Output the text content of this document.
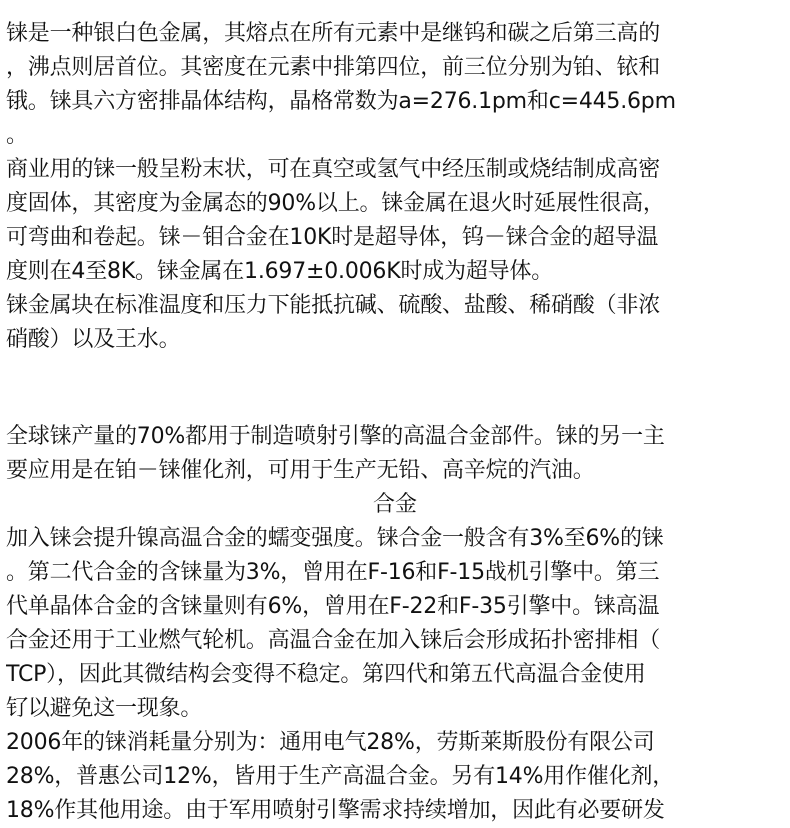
铼是一种银白色金属，其熔点在所有元素中是继钨和碳之后第三高的
，沸点则居首位。其密度在元素中排第四位，前三位分别为铂、铱和
锇。铼具六方密排晶体结构，晶格常数为a=276.1pm和c=445.6pm
。
商业用的铼一般呈粉末状，可在真空或氢气中经压制或烧结制成高密
度固体，其密度为金属态的90%以上。铼金属在退火时延展性很高，
可弯曲和卷起。铼－钼合金在10K时是超导体，钨－铼合金的超导温
度则在4至8K。铼金属在1.697±0.006K时成为超导体。
铼金属块在标准温度和压力下能抵抗碱、硫酸、盐酸、稀硝酸（非浓
硝酸）以及王水。
全球铼产量的70%都用于制造喷射引擎的高温合金部件。铼的另一主
要应用是在铂－铼催化剂，可用于生产无铅、高辛烷的汽油。
合金
加入铼会提升镍高温合金的蠕变强度。铼合金一般含有3%至6%的铼
。第二代合金的含铼量为3%，曾用在F-16和F-15战机引擎中。第三
代单晶体合金的含铼量则有6%，曾用在F-22和F-35引擎中。铼高温
合金还用于工业燃气轮机。高温合金在加入铼后会形成拓扑密排相（
TCP），因此其微结构会变得不稳定。第四代和第五代高温合金使用
钌以避免这一现象。
2006年的铼消耗量分别为：通用电气28%，劳斯莱斯股份有限公司
28%，普惠公司12%，皆用于生产高温合金。另有14%用作催化剂，
18%作其他用途。由于军用喷射引擎需求持续增加，因此有必要研发
